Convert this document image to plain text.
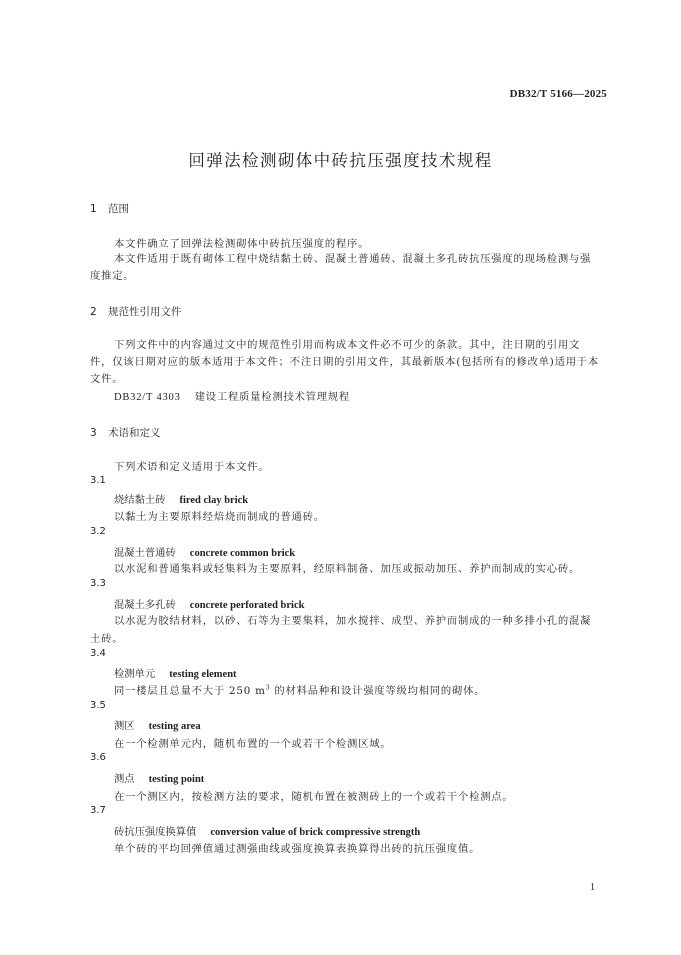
DB32/T 5166—2025
回弹法检测砌体中砖抗压强度技术规程
1 范围
本文件确立了回弹法检测砌体中砖抗压强度的程序。
本文件适用于既有砌体工程中烧结黏土砖、混凝土普通砖、混凝土多孔砖抗压强度的现场检测与强
度推定。
2 规范性引用文件
下列文件中的内容通过文中的规范性引用而构成本文件必不可少的条款。其中，注日期的引用文
件，仅该日期对应的版本适用于本文件；不注日期的引用文件，其最新版本(包括所有的修改单)适用于本
文件。
DB32/T 4303 建设工程质量检测技术管理规程
3 术语和定义
下列术语和定义适用于本文件。
3.1
烧结黏土砖 fired clay brick
以黏土为主要原料经焙烧而制成的普通砖。
3.2
混凝土普通砖 concrete common brick
以水泥和普通集料或轻集料为主要原料，经原料制备、加压或振动加压、养护而制成的实心砖。
3.3
混凝土多孔砖 concrete perforated brick
以水泥为胶结材料，以砂、石等为主要集料，加水搅拌、成型、养护而制成的一种多排小孔的混凝
土砖。
3.4
检测单元 testing element
同一楼层且总量不大于 250 $m^3$ 的材料品种和设计强度等级均相同的砌体。
3.5
测区 testing area
在一个检测单元内，随机布置的一个或若干个检测区域。
3.6
测点 testing point
在一个测区内，按检测方法的要求，随机布置在被测砖上的一个或若干个检测点。
3.7
砖抗压强度换算值 conversion value of brick compressive strength
单个砖的平均回弹值通过测强曲线或强度换算表换算得出砖的抗压强度值。
1
